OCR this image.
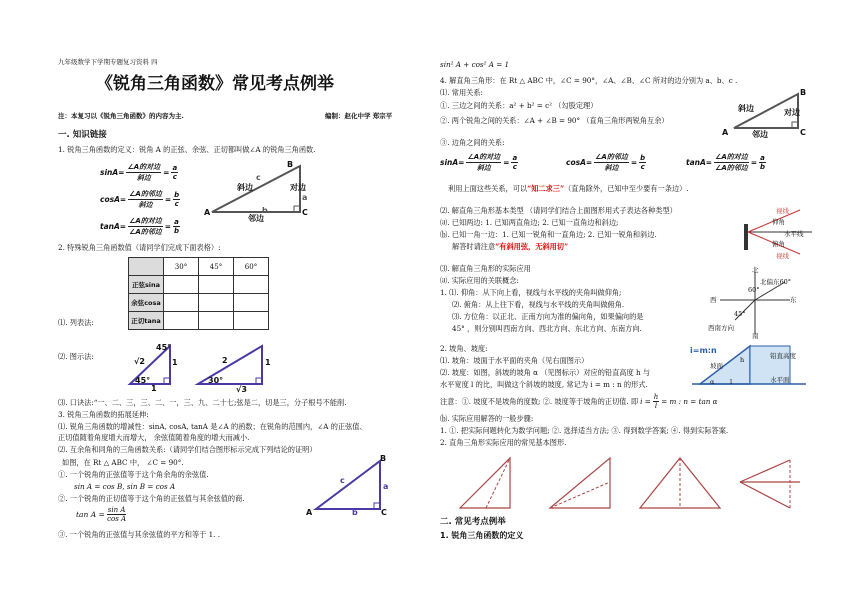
九年级数学下学期专题复习资料 四
《锐角三角函数》常见考点例举
注：本复习以《锐角三角函数》的内容为主.	编制：赵化中学 郑宗平
一. 知识链接
1. 锐角三角函数的定义：锐角 A 的正弦、余弦、正切都叫做∠A 的锐角三角函数.
$\sin A= \frac{\text{∠A的对边}}{\text{斜边}} = \frac{a}{c}$
$\cos A= \frac{\text{∠A的邻边}}{\text{斜边}} = \frac{b}{c}$
$\tan A= \frac{\text{∠A的对边}}{\text{∠A的邻边}} = \frac{a}{b}$
A
B
C
斜边	对边
邻边
c
a
b
2. 特殊锐角三角函数值（请同学们完成下面表格）:
⑴. 列表法:
	30°	45°	60°
正弦sina			
余弦cosa			
正切tana			
⑵. 图示法:
√2	1
45°
45°
1
2	1
30°
√3
⑶. 口诀法:“一、二、三，三、二、一，三、九、二十七;弦是二，切是三，分子根号不能削.
3. 锐角三角函数的拓展延伸:
⑴. 锐角三角函数的增减性：sinA, cosA, tanA 是∠A 的函数；在锐角的范围内，∠A 的正弦值、
正切值随着角度增大而增大， 余弦值随着角度的增大而减小.
⑵. 互余角和同角的三角函数关系:（请同学们结合图形标示完成下列结论的证明）
如图，在 Rt △ ABC 中， ∠C = 90°.
①. 一个锐角的正弦值等于这个角余角的余弦值.
sin A = cos B, sin B = cos A
②. 一个锐角的正切值等于这个角的正弦值与其余弦值的商.
$\tan A = \frac{\text{sin A}}{\text{cos A}}$
③. 一个锐角的正弦值与其余弦值的平方和等于 1. .
A
B
C
c
a
b
sin² A + cos² A = 1
4. 解直角三角形：在 Rt △ ABC 中，∠C = 90°，∠A、∠B、∠C 所对的边分别为 a、b、c .
⑴. 常用关系:
①. 三边之间的关系：a² + b² = c² （勾股定理）
②. 两个锐角之间的关系：∠A + ∠B = 90° （直角三角形两锐角互余）
③. 边角之间的关系:
A
B
C
斜边	对边
邻边
$\sin A= \frac{\text{∠A的对边}}{\text{斜边}} = \frac{a}{c}$	$\cos A= \frac{\text{∠A的邻边}}{\text{斜边}} = \frac{b}{c}$	$\tan A= \frac{\text{∠A的对边}}{\text{∠A的邻边}} = \frac{a}{b}$
利用上面这些关系，可以“知二求三”（直角除外，已知中至少要有一条边）.
⑵. 解直角三角形基本类型 （请同学们结合上面图形用式子表达各种类型）
⒜. 已知两边: 1. 已知两直角边; 2. 已知一直角边和斜边;
⒝. 已知一角一边：1. 已知一锐角和一直角边; 2. 已知一锐角和斜边.
解答时请注意“有斜用弦，无斜用切”
视线
仰角
水平线
俯角
视线
⑶. 解直角三角形的实际应用
⒜. 实际应用的关联概念:
1. ⑴. 仰角：从下向上看，视线与水平线的夹角叫做仰角;
⑵. 俯角：从上往下看，视线与水平线的夹角叫做俯角.
⑶. 方位角：以正北、正南方向为准的偏向角，如果偏向的是
45° ，则分别叫西南方向、西北方向、东北方向、东南方向.
北
南
西	东
北偏东60°
60°
45°
西南方向
2. 坡角、坡度:
⑴. 坡角：坡面于水平面的夹角（见右面图示）
⑵. 坡度：如图，斜坡的坡角 α （见图标示）对应的铅直高度 h 与
水平宽度 l 的比，叫做这个斜坡的坡度, 常记为 i = m : n 的形式.
i=m:n
h
l
α
铅直高度
坡面
水平面
注意：①. 坡度不是坡角的度数; ②. 坡度等于坡角的正切值. 即 $i = \frac{h}{l} = m$ : n = tan α
⒝. 实际应用解答的一般步骤:
1. ①. 把实际问题转化为数学问题; ②. 选择适当方法; ③. 得到数学答案; ④. 得到实际答案.
2. 直角三角形实际应用的常见基本图形.
二. 常见考点例举
1. 锐角三角函数的定义
